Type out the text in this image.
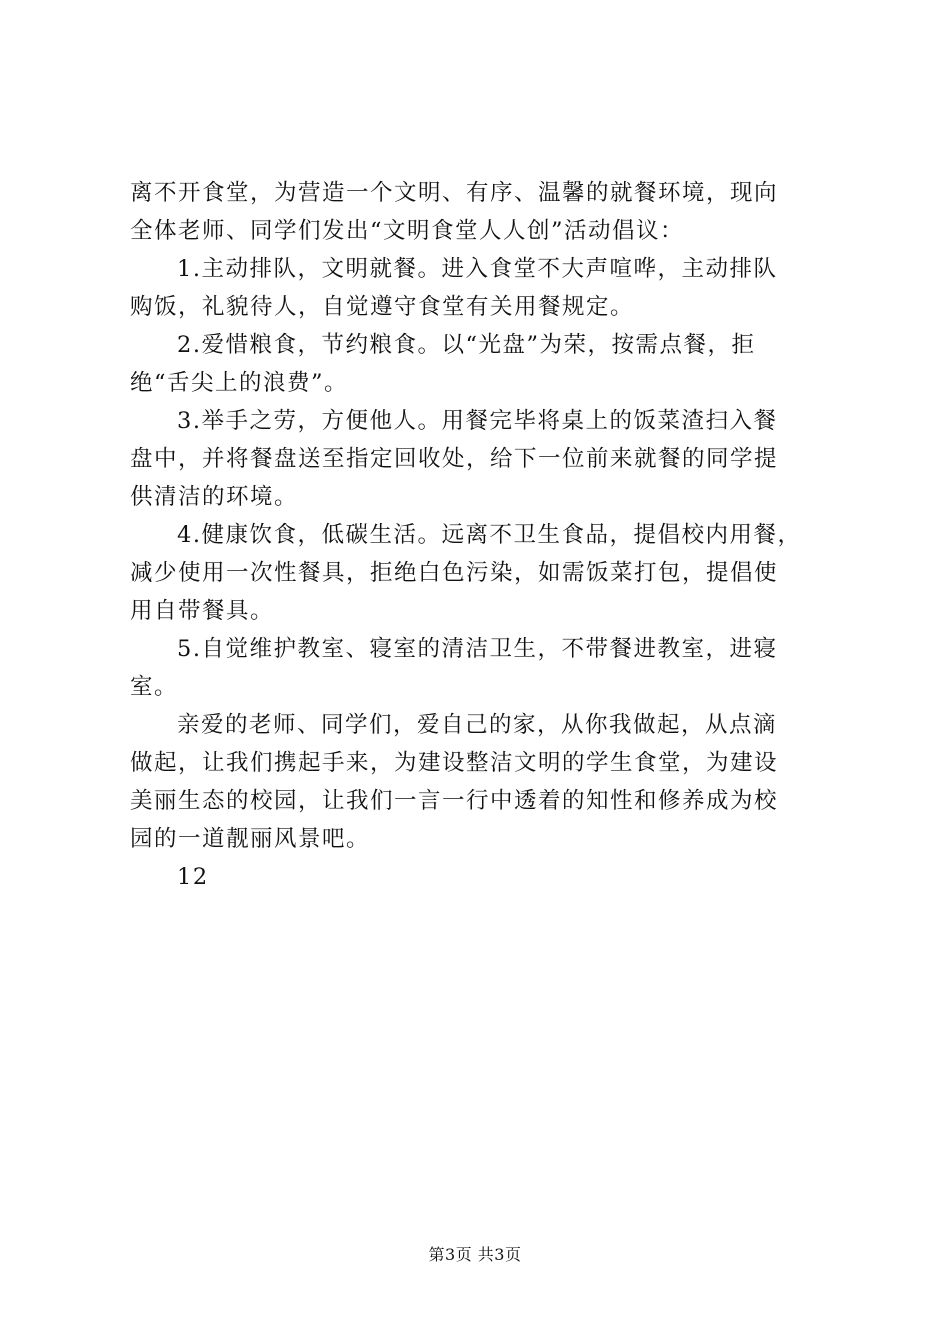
离不开食堂，为营造一个文明、有序、温馨的就餐环境，现向
全体老师、同学们发出“文明食堂人人创”活动倡议：
1.主动排队，文明就餐。进入食堂不大声喧哗，主动排队
购饭，礼貌待人，自觉遵守食堂有关用餐规定。
2.爱惜粮食，节约粮食。以“光盘”为荣，按需点餐，拒
绝“舌尖上的浪费”。
3.举手之劳，方便他人。用餐完毕将桌上的饭菜渣扫入餐
盘中，并将餐盘送至指定回收处，给下一位前来就餐的同学提
供清洁的环境。
4.健康饮食，低碳生活。远离不卫生食品，提倡校内用餐，
减少使用一次性餐具，拒绝白色污染，如需饭菜打包，提倡使
用自带餐具。
5.自觉维护教室、寝室的清洁卫生，不带餐进教室，进寝
室。
亲爱的老师、同学们，爱自己的家，从你我做起，从点滴
做起，让我们携起手来，为建设整洁文明的学生食堂，为建设
美丽生态的校园，让我们一言一行中透着的知性和修养成为校
园的一道靓丽风景吧。
12
第3页 共3页
